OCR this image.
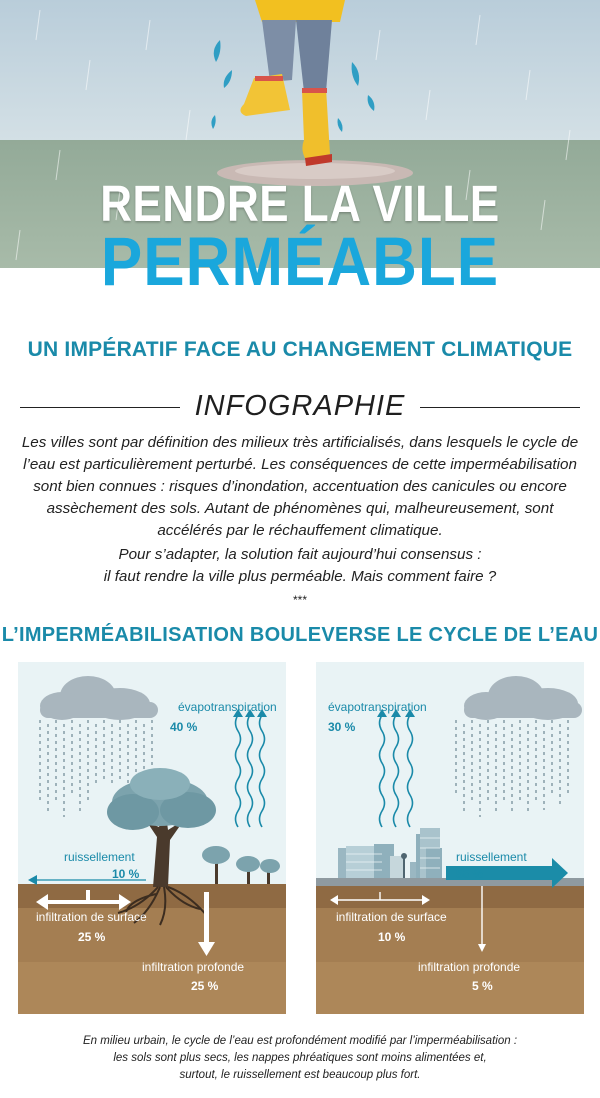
RENDRE LA VILLE
PERMÉABLE
UN IMPÉRATIF FACE AU CHANGEMENT CLIMATIQUE
INFOGRAPHIE
Les villes sont par définition des milieux très artificialisés, dans lesquels le cycle de l’eau est particulièrement perturbé. Les conséquences de cette imperméabilisation sont bien connues : risques d’inondation, accentuation des canicules ou encore assèchement des sols. Autant de phénomènes qui, malheureusement, sont accélérés par le réchauffement climatique.
Pour s’adapter, la solution fait aujourd’hui consensus :
il faut rendre la ville plus perméable. Mais comment faire ?
***
L’IMPERMÉABILISATION BOULEVERSE LE CYCLE DE L’EAU
évapotranspiration
40 %
ruissellement
10 %
infiltration de surface
25 %
infiltration profonde
25 %
évapotranspiration
30 %
ruissellement
55 %
infiltration de surface
10 %
infiltration profonde
5 %
En milieu urbain, le cycle de l’eau est profondément modifié par l’imperméabilisation :
les sols sont plus secs, les nappes phréatiques sont moins alimentées et,
surtout, le ruissellement est beaucoup plus fort.
